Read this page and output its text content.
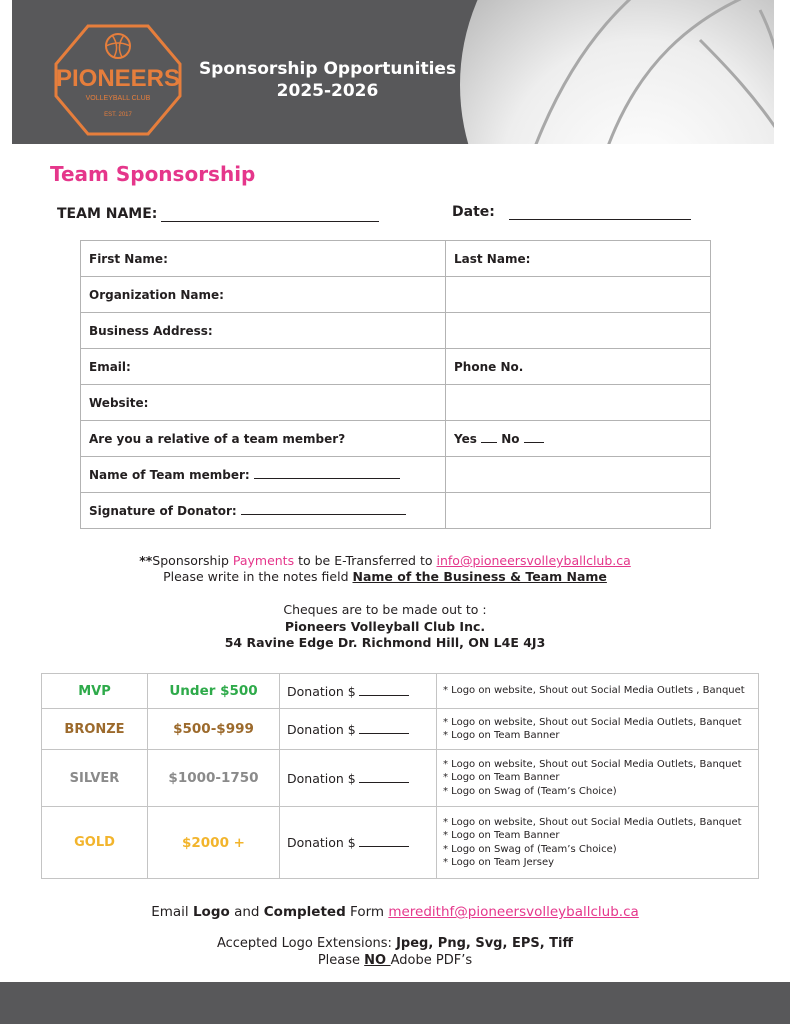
PIONEERS
VOLLEYBALL CLUB
EST. 2017
Sponsorship Opportunities
2025-2026
Team Sponsorship
TEAM NAME:	Date:
First Name:	Last Name:
Organization Name:	
Business Address:	
Email:	Phone No.
Website:	
Are you a relative of a team member?	Yes No
Name of Team member:	
Signature of Donator:	
**Sponsorship Payments to be E-Transferred to info@pioneersvolleyballclub.ca
Please write in the notes field Name of the Business & Team Name
Cheques are to be made out to :
Pioneers Volleyball Club Inc.
54 Ravine Edge Dr. Richmond Hill, ON L4E 4J3
MVP	Under $500	Donation $	* Logo on website, Shout out Social Media Outlets , Banquet

BRONZE	$500-$999	Donation $	* Logo on website, Shout out Social Media Outlets, Banquet
* Logo on Team Banner

SILVER	$1000-1750	Donation $	* Logo on website, Shout out Social Media Outlets, Banquet
* Logo on Team Banner
* Logo on Swag of (Team’s Choice)

GOLD	$2000 +	Donation $	* Logo on website, Shout out Social Media Outlets, Banquet
* Logo on Team Banner
* Logo on Swag of (Team’s Choice)
* Logo on Team Jersey
Email Logo and Completed Form meredithf@pioneersvolleyballclub.ca
Accepted Logo Extensions: Jpeg, Png, Svg, EPS, Tiff
Please NO Adobe PDF’s
